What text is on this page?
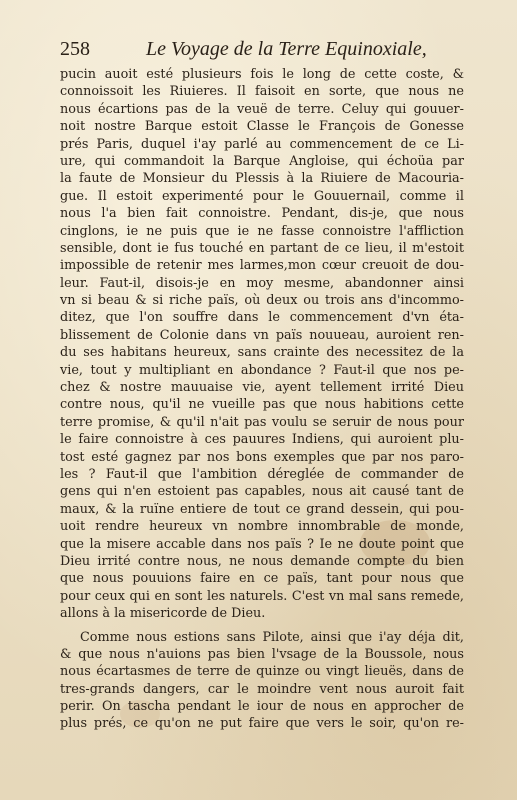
258	Le Voyage de la Terre Equinoxiale,
pucin auoit esté plusieurs fois le long de cette coste, &
connoissoit les Riuieres. Il faisoit en sorte, que nous ne
nous écartions pas de la veuë de terre. Celuy qui gouuer-
noit nostre Barque estoit Classe le François de Gonesse
prés Paris, duquel i'ay parlé au commencement de ce Li-
ure, qui commandoit la Barque Angloise, qui échoüa par
la faute de Monsieur du Plessis à la Riuiere de Macouria-
gue. Il estoit experimenté pour le Gouuernail, comme il
nous l'a bien fait connoistre. Pendant, dis-je, que nous
cinglons, ie ne puis que ie ne fasse connoistre l'affliction
sensible, dont ie fus touché en partant de ce lieu, il m'estoit
impossible de retenir mes larmes,mon cœur creuoit de dou-
leur. Faut-il, disois-je en moy mesme, abandonner ainsi
vn si beau & si riche païs, où deux ou trois ans d'incommo-
ditez, que l'on souffre dans le commencement d'vn éta-
blissement de Colonie dans vn païs nouueau, auroient ren-
du ses habitans heureux, sans crainte des necessitez de la
vie, tout y multipliant en abondance ? Faut-il que nos pe-
chez & nostre mauuaise vie, ayent tellement irrité Dieu
contre nous, qu'il ne vueille pas que nous habitions cette
terre promise, & qu'il n'ait pas voulu se seruir de nous pour
le faire connoistre à ces pauures Indiens, qui auroient plu-
tost esté gagnez par nos bons exemples que par nos paro-
les ? Faut-il que l'ambition déreglée de commander de
gens qui n'en estoient pas capables, nous ait causé tant de
maux, & la ruïne entiere de tout ce grand dessein, qui pou-
uoit rendre heureux vn nombre innombrable de monde,
que la misere accable dans nos païs ? Ie ne doute point que
Dieu irrité contre nous, ne nous demande compte du bien
que nous pouuions faire en ce païs, tant pour nous que
pour ceux qui en sont les naturels. C'est vn mal sans remede,
allons à la misericorde de Dieu.
Comme nous estions sans Pilote, ainsi que i'ay déja dit,
& que nous n'auions pas bien l'vsage de la Boussole, nous
nous écartasmes de terre de quinze ou vingt lieuës, dans de
tres-grands dangers, car le moindre vent nous auroit fait
perir. On tascha pendant le iour de nous en approcher de
plus prés, ce qu'on ne put faire que vers le soir, qu'on re-
